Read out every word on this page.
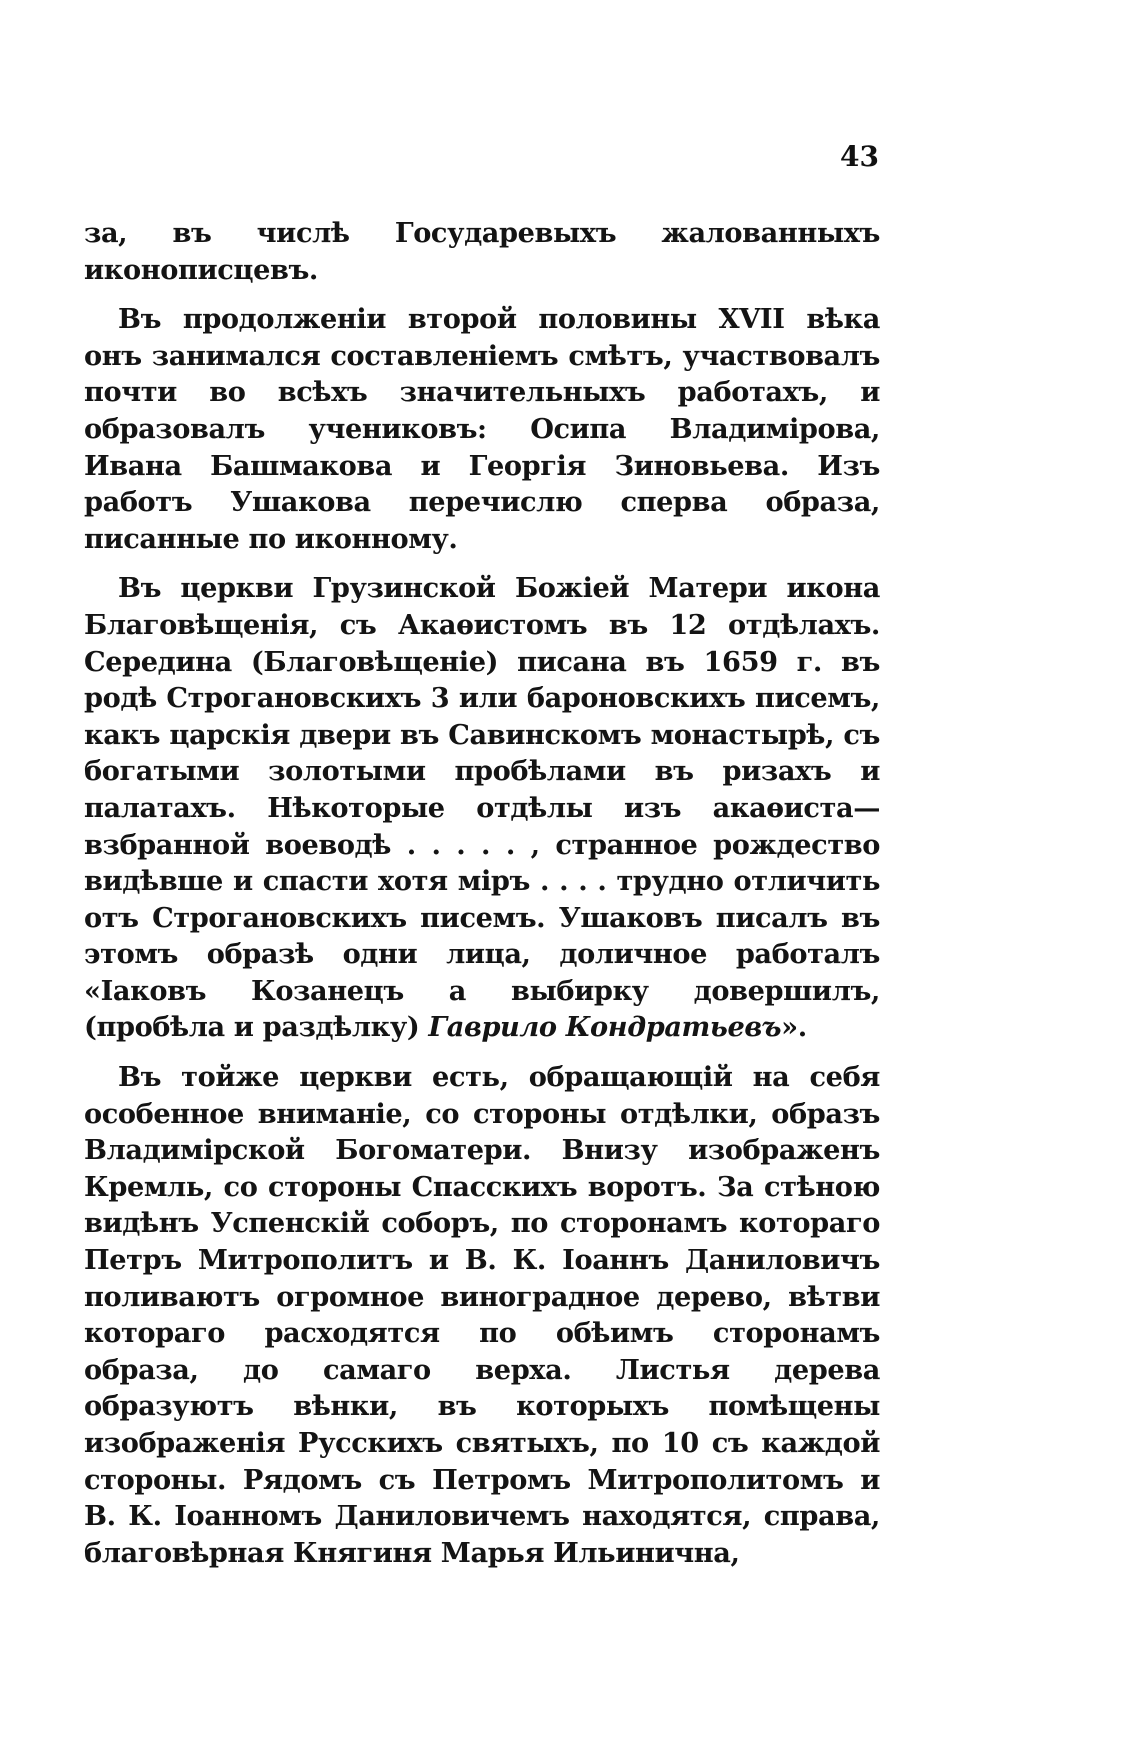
43

за, въ числѣ Государевыхъ жалованныхъ иконописцевъ.

Въ продолженіи второй половины XVII вѣка онъ занимался составленіемъ смѣтъ, участвовалъ почти во всѣхъ значительныхъ работахъ, и образовалъ учениковъ: Осипа Владимірова, Ивана Башмакова и Георгія Зиновьева. Изъ работъ Ушакова перечислю сперва образа, писанные по иконному.

Въ церкви Грузинской Божіей Матери икона Благовѣщенія, съ Акаѳистомъ въ 12 отдѣлахъ. Середина (Благовѣщеніе) писана въ 1659 г. въ родѣ Строгановскихъ 3 или бароновскихъ писемъ, какъ царскія двери въ Савинскомъ монастырѣ, съ богатыми золотыми пробѣлами въ ризахъ и палатахъ. Нѣкоторые отдѣлы изъ акаѳиста—взбранной воеводѣ . . . . . , странное рождество видѣвше и спасти хотя міръ . . . . трудно отличить отъ Строгановскихъ писемъ. Ушаковъ писалъ въ этомъ образѣ одни лица, доличное работалъ «Іаковъ Козанецъ а выбирку довершилъ, (пробѣла и раздѣлку) Гаврило Кондратьевъ».

Въ тойже церкви есть, обращающій на себя особенное вниманіе, со стороны отдѣлки, образъ Владимірской Богоматери. Внизу изображенъ Кремль, со стороны Спасскихъ воротъ. За стѣною видѣнъ Успенскій соборъ, по сторонамъ котораго Петръ Митрополитъ и В. К. Іоаннъ Даниловичъ поливаютъ огромное виноградное дерево, вѣтви котораго расходятся по обѣимъ сторонамъ образа, до самаго верха. Листья дерева образуютъ вѣнки, въ которыхъ помѣщены изображенія Русскихъ святыхъ, по 10 съ каждой стороны. Рядомъ съ Петромъ Митрополитомъ и В. К. Іоанномъ Даниловичемъ находятся, справа, благовѣрная Княгиня Марья Ильинична,
